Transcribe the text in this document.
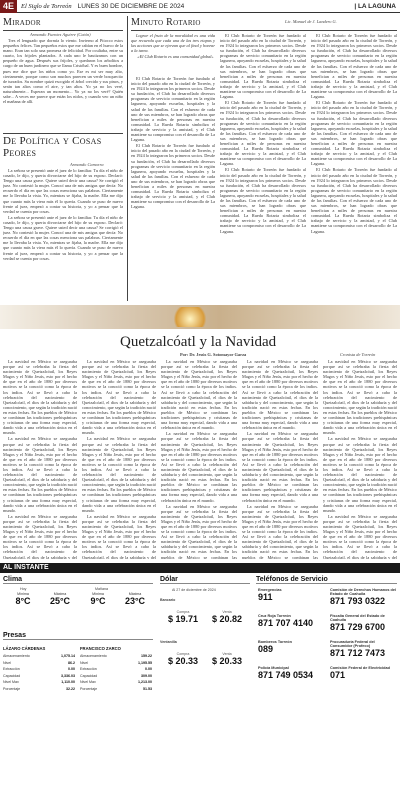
4E	El Siglo de Torreón LUNES 30 DE DICIEMBRE DE 2024	| LA LAGUNA
Mirador
Armando Fuentes Aguirre (Catón)

Tres el lenguado que dormía lo viento. Invierno al Pitocco estos pequeños felices. Tan pequeños estos que me cabían en el hueco de la mano. Eran tan solo una promesa de felicidad. Por ocultaba, entre su cuarto, los frijoles plantados. A cada uno le bautizamos con un pequeño de agua. Después sus frijoles, y quedaron los arbolitos a cargo de un buen jardinero que se llama Cristóbal. Y es buen hombre, pues me dice que los niños como yo. Ese es mi ser muy alto, ciertamente, porque como son muchos parecen un verde bosquecito de turrados. Su nombre quizá escogido el árbol crecido y sus pinos, y serán tan altos como el aire, y tan altos. Yo ya no los veré, naturalmente... Esperan un momento... Yo ya no los veré? Quién sabe... A veces me parece que están los nidos, y cuando veo un niño el mañana de allí.

De Política y Cosas Peores
Armando Camorra

La señora se presentó ante el juez de lo familiar. Tu día el niño de casado, le dijo, y queria divorciarse del hijo de su esposo. Declaró: Tengo una causa grave. Quiere usted decir una causa? Se corrigió el juez. No contestó la mujer. Conocí una de mis amigas que decía: No recuerdo el día en que las cosas menciona sus palabras. Ciertamente me lo llevaba la vista. Yo, mientras se fijaba, la madre. Ella me dijo que cuanto más la viera más él lo quería. Cuando se puso de nuevo frente al juez, empezó a contar su historia, y yo a pensar que la verdad se cuenta por cosas.

La señora se presentó ante el juez de lo familiar. Tu día el niño de casado, le dijo, y queria divorciarse del hijo de su esposo. Declaró: Tengo una causa grave. Quiere usted decir una causa? Se corrigió el juez. No contestó la mujer. Conocí una de mis amigas que decía: No recuerdo el día en que las cosas menciona sus palabras. Ciertamente me lo llevaba la vista. Yo, mientras se fijaba, la madre. Ella me dijo que cuanto más la viera más él lo quería. Cuando se puso de nuevo frente al juez, empezó a contar su historia, y yo a pensar que la verdad se cuenta por cosas.

Minuto Rotario	Lic. Manuel de J. Landero G.

Lograr el fruto de la moralidad es una vida que recuerda que cada una de las tres etapas y las acciones que se ejerzan que al final y honrar a la tarea.

«El Club Rotario es una comunidad global»

El Club Rotario de Torreón fue fundado al inicio del pasado año en la ciudad de Torreón, y en 1924 lo integraron los primeros socios. Desde su fundación, el Club ha desarrollado diversos programas de servicio comunitario en la región lagunera, apoyando escuelas, hospitales y la salud de las familias. Con el esfuerzo de cada uno de sus miembros, se han logrado obras que benefician a miles de personas en nuestra comunidad. La Rueda Rotaria simboliza el trabajo de servicio y la amistad, y el Club mantiene su compromiso con el desarrollo de La Laguna.

El Club Rotario de Torreón fue fundado al inicio del pasado año en la ciudad de Torreón, y en 1924 lo integraron los primeros socios. Desde su fundación, el Club ha desarrollado diversos programas de servicio comunitario en la región lagunera, apoyando escuelas, hospitales y la salud de las familias. Con el esfuerzo de cada uno de sus miembros, se han logrado obras que benefician a miles de personas en nuestra comunidad. La Rueda Rotaria simboliza el trabajo de servicio y la amistad, y el Club mantiene su compromiso con el desarrollo de La Laguna.

El Club Rotario de Torreón fue fundado al inicio del pasado año en la ciudad de Torreón, y en 1924 lo integraron los primeros socios. Desde su fundación, el Club ha desarrollado diversos programas de servicio comunitario en la región lagunera, apoyando escuelas, hospitales y la salud de las familias. Con el esfuerzo de cada uno de sus miembros, se han logrado obras que benefician a miles de personas en nuestra comunidad. La Rueda Rotaria simboliza el trabajo de servicio y la amistad, y el Club mantiene su compromiso con el desarrollo de La Laguna.

El Club Rotario de Torreón fue fundado al inicio del pasado año en la ciudad de Torreón, y en 1924 lo integraron los primeros socios. Desde su fundación, el Club ha desarrollado diversos programas de servicio comunitario en la región lagunera, apoyando escuelas, hospitales y la salud de las familias. Con el esfuerzo de cada uno de sus miembros, se han logrado obras que benefician a miles de personas en nuestra comunidad. La Rueda Rotaria simboliza el trabajo de servicio y la amistad, y el Club mantiene su compromiso con el desarrollo de La Laguna.

El Club Rotario de Torreón fue fundado al inicio del pasado año en la ciudad de Torreón, y en 1924 lo integraron los primeros socios. Desde su fundación, el Club ha desarrollado diversos programas de servicio comunitario en la región lagunera, apoyando escuelas, hospitales y la salud de las familias. Con el esfuerzo de cada uno de sus miembros, se han logrado obras que benefician a miles de personas en nuestra comunidad. La Rueda Rotaria simboliza el trabajo de servicio y la amistad, y el Club mantiene su compromiso con el desarrollo de La Laguna.

El Club Rotario de Torreón fue fundado al inicio del pasado año en la ciudad de Torreón, y en 1924 lo integraron los primeros socios. Desde su fundación, el Club ha desarrollado diversos programas de servicio comunitario en la región lagunera, apoyando escuelas, hospitales y la salud de las familias. Con el esfuerzo de cada uno de sus miembros, se han logrado obras que benefician a miles de personas en nuestra comunidad. La Rueda Rotaria simboliza el trabajo de servicio y la amistad, y el Club mantiene su compromiso con el desarrollo de La Laguna.

El Club Rotario de Torreón fue fundado al inicio del pasado año en la ciudad de Torreón, y en 1924 lo integraron los primeros socios. Desde su fundación, el Club ha desarrollado diversos programas de servicio comunitario en la región lagunera, apoyando escuelas, hospitales y la salud de las familias. Con el esfuerzo de cada uno de sus miembros, se han logrado obras que benefician a miles de personas en nuestra comunidad. La Rueda Rotaria simboliza el trabajo de servicio y la amistad, y el Club mantiene su compromiso con el desarrollo de La Laguna.

El Club Rotario de Torreón fue fundado al inicio del pasado año en la ciudad de Torreón, y en 1924 lo integraron los primeros socios. Desde su fundación, el Club ha desarrollado diversos programas de servicio comunitario en la región lagunera, apoyando escuelas, hospitales y la salud de las familias. Con el esfuerzo de cada uno de sus miembros, se han logrado obras que benefician a miles de personas en nuestra comunidad. La Rueda Rotaria simboliza el trabajo de servicio y la amistad, y el Club mantiene su compromiso con el desarrollo de La Laguna.

Quetzalcóatl y la Navidad
Por: Dr. Jesús G. Sotomayor Garza	Cronista de Torreón

La navidad en México se aseguraba porque así se celebraba la fiesta del nacimiento de Quetzalcóatl, los Reyes Magos y el Niño Jesús, esto por el hecho de que en el año de 1880 por diversos motivos se la conoció como la época de los indios. Así se llevó a cabo la celebración del nacimiento de Quetzalcóatl, el dios de la sabiduría y del conocimiento, que según la tradición nació en estas fechas. En los pueblos de México se combinan las tradiciones prehispánicas y cristianas de una forma muy especial, dando vida a una celebración única en el mundo.

La navidad en México se aseguraba porque así se celebraba la fiesta del nacimiento de Quetzalcóatl, los Reyes Magos y el Niño Jesús, esto por el hecho de que en el año de 1880 por diversos motivos se la conoció como la época de los indios. Así se llevó a cabo la celebración del nacimiento de Quetzalcóatl, el dios de la sabiduría y del conocimiento, que según la tradición nació en estas fechas. En los pueblos de México se combinan las tradiciones prehispánicas y cristianas de una forma muy especial, dando vida a una celebración única en el mundo.

La navidad en México se aseguraba porque así se celebraba la fiesta del nacimiento de Quetzalcóatl, los Reyes Magos y el Niño Jesús, esto por el hecho de que en el año de 1880 por diversos motivos se la conoció como la época de los indios. Así se llevó a cabo la celebración del nacimiento de Quetzalcóatl, el dios de la sabiduría y del

La navidad en México se aseguraba porque así se celebraba la fiesta del nacimiento de Quetzalcóatl, los Reyes Magos y el Niño Jesús, esto por el hecho de que en el año de 1880 por diversos motivos se la conoció como la época de los indios. Así se llevó a cabo la celebración del nacimiento de Quetzalcóatl, el dios de la sabiduría y del conocimiento, que según la tradición nació en estas fechas. En los pueblos de México se combinan las tradiciones prehispánicas y cristianas de una forma muy especial, dando vida a una celebración única en el mundo.

La navidad en México se aseguraba porque así se celebraba la fiesta del nacimiento de Quetzalcóatl, los Reyes Magos y el Niño Jesús, esto por el hecho de que en el año de 1880 por diversos motivos se la conoció como la época de los indios. Así se llevó a cabo la celebración del nacimiento de Quetzalcóatl, el dios de la sabiduría y del conocimiento, que según la tradición nació en estas fechas. En los pueblos de México se combinan las tradiciones prehispánicas y cristianas de una forma muy especial, dando vida a una celebración única en el mundo.

La navidad en México se aseguraba porque así se celebraba la fiesta del nacimiento de Quetzalcóatl, los Reyes Magos y el Niño Jesús, esto por el hecho de que en el año de 1880 por diversos motivos se la conoció como la época de los indios. Así se llevó a cabo la celebración del nacimiento de Quetzalcóatl, el dios de la sabiduría y del

La navidad en México se aseguraba porque así se celebraba la fiesta del nacimiento de Quetzalcóatl, los Reyes Magos y el Niño Jesús, esto por el hecho de que en el año de 1880 por diversos motivos se la conoció como la época de los indios. Así se llevó a cabo la celebración del nacimiento de Quetzalcóatl, el dios de la sabiduría y del conocimiento, que según la tradición nació en estas fechas. En los pueblos de México se combinan las tradiciones prehispánicas y cristianas de una forma muy especial, dando vida a una celebración única en el mundo.

La navidad en México se aseguraba porque así se celebraba la fiesta del nacimiento de Quetzalcóatl, los Reyes Magos y el Niño Jesús, esto por el hecho de que en el año de 1880 por diversos motivos se la conoció como la época de los indios. Así se llevó a cabo la celebración del nacimiento de Quetzalcóatl, el dios de la sabiduría y del conocimiento, que según la tradición nació en estas fechas. En los pueblos de México se combinan las tradiciones prehispánicas y cristianas de una forma muy especial, dando vida a una celebración única en el mundo.

La navidad en México se aseguraba porque así se celebraba la fiesta del nacimiento de Quetzalcóatl, los Reyes Magos y el Niño Jesús, esto por el hecho de que en el año de 1880 por diversos motivos se la conoció como la época de los indios. Así se llevó a cabo la celebración del nacimiento de Quetzalcóatl, el dios de la sabiduría y del conocimiento, que según la tradición nació en estas fechas. En los pueblos de México se combinan las

La navidad en México se aseguraba porque así se celebraba la fiesta del nacimiento de Quetzalcóatl, los Reyes Magos y el Niño Jesús, esto por el hecho de que en el año de 1880 por diversos motivos se la conoció como la época de los indios. Así se llevó a cabo la celebración del nacimiento de Quetzalcóatl, el dios de la sabiduría y del conocimiento, que según la tradición nació en estas fechas. En los pueblos de México se combinan las tradiciones prehispánicas y cristianas de una forma muy especial, dando vida a una celebración única en el mundo.

La navidad en México se aseguraba porque así se celebraba la fiesta del nacimiento de Quetzalcóatl, los Reyes Magos y el Niño Jesús, esto por el hecho de que en el año de 1880 por diversos motivos se la conoció como la época de los indios. Así se llevó a cabo la celebración del nacimiento de Quetzalcóatl, el dios de la sabiduría y del conocimiento, que según la tradición nació en estas fechas. En los pueblos de México se combinan las tradiciones prehispánicas y cristianas de una forma muy especial, dando vida a una celebración única en el mundo.

La navidad en México se aseguraba porque así se celebraba la fiesta del nacimiento de Quetzalcóatl, los Reyes Magos y el Niño Jesús, esto por el hecho de que en el año de 1880 por diversos motivos se la conoció como la época de los indios. Así se llevó a cabo la celebración del nacimiento de Quetzalcóatl, el dios de la sabiduría y del conocimiento, que según la tradición nació en estas fechas. En los pueblos de México se combinan las

La navidad en México se aseguraba porque así se celebraba la fiesta del nacimiento de Quetzalcóatl, los Reyes Magos y el Niño Jesús, esto por el hecho de que en el año de 1880 por diversos motivos se la conoció como la época de los indios. Así se llevó a cabo la celebración del nacimiento de Quetzalcóatl, el dios de la sabiduría y del conocimiento, que según la tradición nació en estas fechas. En los pueblos de México se combinan las tradiciones prehispánicas y cristianas de una forma muy especial, dando vida a una celebración única en el mundo.

La navidad en México se aseguraba porque así se celebraba la fiesta del nacimiento de Quetzalcóatl, los Reyes Magos y el Niño Jesús, esto por el hecho de que en el año de 1880 por diversos motivos se la conoció como la época de los indios. Así se llevó a cabo la celebración del nacimiento de Quetzalcóatl, el dios de la sabiduría y del conocimiento, que según la tradición nació en estas fechas. En los pueblos de México se combinan las tradiciones prehispánicas y cristianas de una forma muy especial, dando vida a una celebración única en el mundo.

La navidad en México se aseguraba porque así se celebraba la fiesta del nacimiento de Quetzalcóatl, los Reyes Magos y el Niño Jesús, esto por el hecho de que en el año de 1880 por diversos motivos se la conoció como la época de los indios. Así se llevó a cabo la celebración del nacimiento de Quetzalcóatl, el dios de la sabiduría y del

AL INSTANTE
Clima
Hoy	Mañana
Mínima
8°C
Máxima
25°C
Mínima
9°C
Máxima
23°C
Presas
LÁZARO CÁRDENAS	FRANCISCO ZARCO
Almacenamiento	1,075.14
Nivel	86.2
Extracción	0.00
Capacidad	3,336.03
Nivel Max	1,110.00
Porcentaje	32.22
Almacenamiento	159.22
Nivel	1,195.55
Extracción	0.00
Capacidad	309.00
Nivel Max	1,213.00
Porcentaje	51.53
Dólar
Al 27 de diciembre de 2024
Bancario
Compra
$ 19.71
Venta
$ 20.82
Ventanilla
Compra
$ 20.33
Venta
$ 20.33
Teléfonos de Servicio
Emergencias
911
Cruz Roja Torreón
871 707 4140
Bomberos Torreón
089
Policía Municipal
871 749 0534
Comisión de Derechos Humanos del Estado de Coahuila
871 793 0322
Fiscalía General del Estado de Coahuila
871 729 6700
Procuraduría Federal del Consumidor (Profeco)
871 712 7473
Comisión Federal de Electricidad
071
